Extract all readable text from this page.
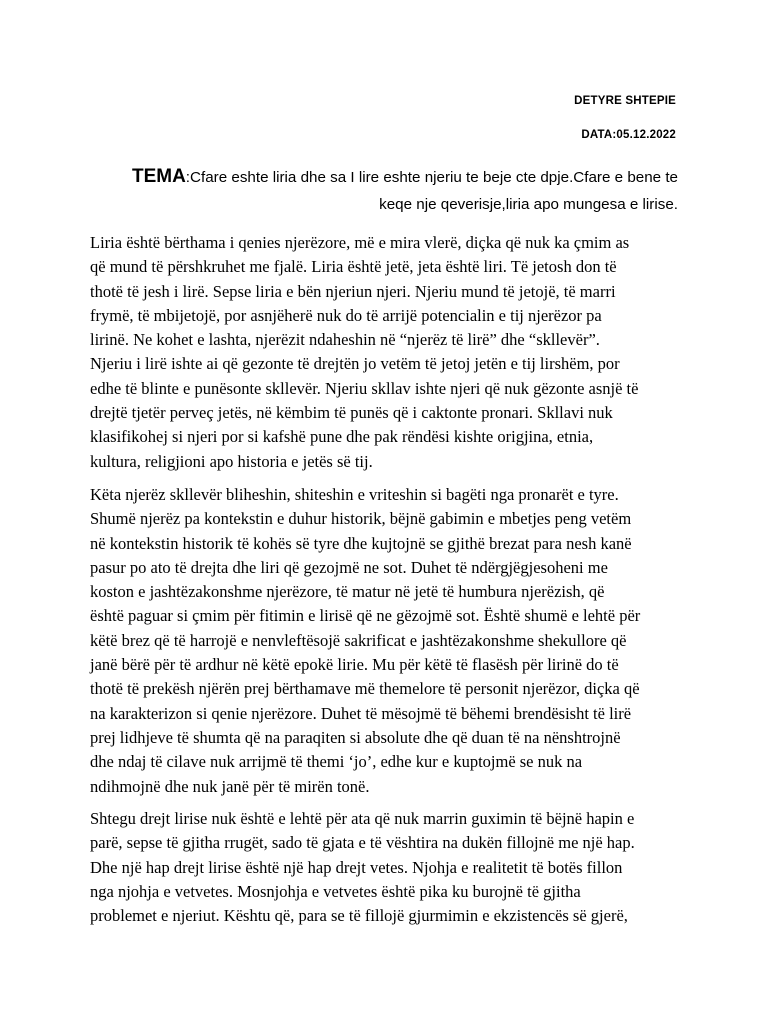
DETYRE SHTEPIE
DATA:05.12.2022
TEMA:Cfare eshte liria dhe sa I lire eshte njeriu te beje cte dpje.Cfare e bene te
keqe nje qeverisje,liria apo mungesa e lirise.
Liria është bërthama i qenies njerëzore, më e mira vlerë, diçka që nuk ka çmim as
që mund të përshkruhet me fjalë. Liria është jetë, jeta është liri. Të jetosh don të
thotë të jesh i lirë. Sepse liria e bën njeriun njeri. Njeriu mund të jetojë, të marri
frymë, të mbijetojë, por asnjëherë nuk do të arrijë potencialin e tij njerëzor pa
lirinë. Ne kohet e lashta, njerëzit ndaheshin në “njerëz të lirë” dhe “skllevër”.
Njeriu i lirë ishte ai që gezonte të drejtën jo vetëm të jetoj jetën e tij lirshëm, por
edhe të blinte e punësonte skllevër. Njeriu skllav ishte njeri që nuk gëzonte asnjë të
drejtë tjetër perveç jetës, në këmbim të punës që i caktonte pronari. Skllavi nuk
klasifikohej si njeri por si kafshë pune dhe pak rëndësi kishte origjina, etnia,
kultura, religjioni apo historia e jetës së tij.
Këta njerëz skllevër bliheshin, shiteshin e vriteshin si bagëti nga pronarët e tyre.
Shumë njerëz pa kontekstin e duhur historik, bëjnë gabimin e mbetjes peng vetëm
në kontekstin historik të kohës së tyre dhe kujtojnë se gjithë brezat para nesh kanë
pasur po ato të drejta dhe liri që gezojmë ne sot. Duhet të ndërgjëgjesoheni me
koston e jashtëzakonshme njerëzore, të matur në jetë të humbura njerëzish, që
është paguar si çmim për fitimin e lirisë që ne gëzojmë sot. Është shumë e lehtë për
këtë brez që të harrojë e nenvleftësojë sakrificat e jashtëzakonshme shekullore që
janë bërë për të ardhur në këtë epokë lirie. Mu për këtë të flasësh për lirinë do të
thotë të prekësh njërën prej bërthamave më themelore të personit njerëzor, diçka që
na karakterizon si qenie njerëzore. Duhet të mësojmë të bëhemi brendësisht të lirë
prej lidhjeve të shumta që na paraqiten si absolute dhe që duan të na nënshtrojnë
dhe ndaj të cilave nuk arrijmë të themi ‘jo’, edhe kur e kuptojmë se nuk na
ndihmojnë dhe nuk janë për të mirën tonë.
Shtegu drejt lirise nuk është e lehtë për ata që nuk marrin guximin të bëjnë hapin e
parë, sepse të gjitha rrugët, sado të gjata e të vështira na dukën fillojnë me një hap.
Dhe një hap drejt lirise është një hap drejt vetes. Njohja e realitetit të botës fillon
nga njohja e vetvetes. Mosnjohja e vetvetes është pika ku burojnë të gjitha
problemet e njeriut. Kështu që, para se të fillojë gjurmimin e ekzistencës së gjerë,
